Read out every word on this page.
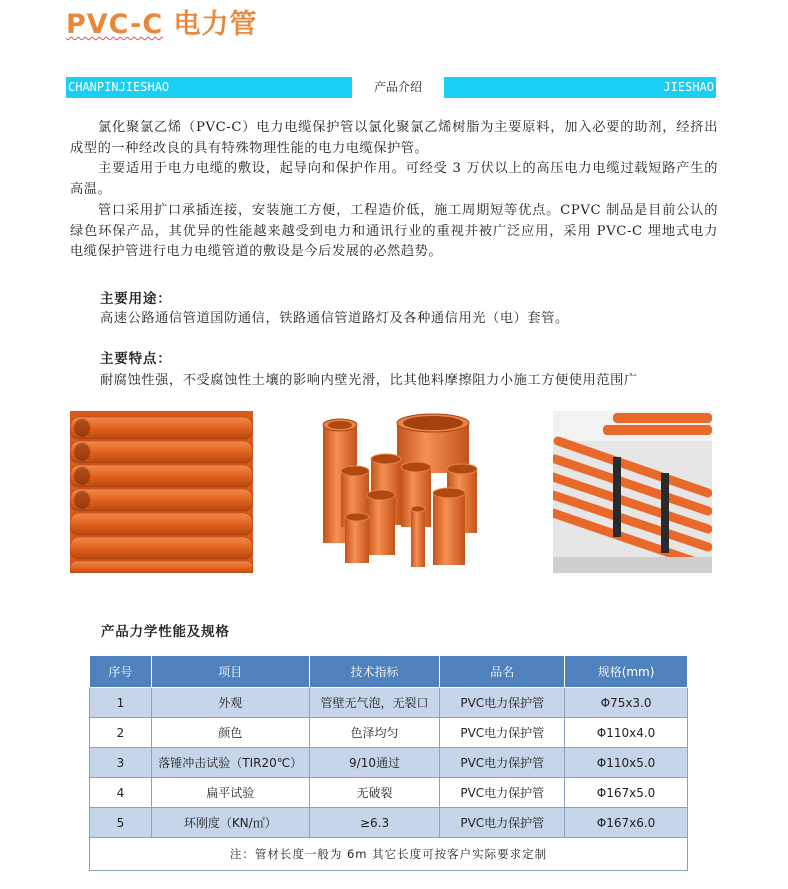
PVC-C 电力管
CHANPINJIESHAO	产品介绍	JIESHAO

氯化聚氯乙烯（PVC-C）电力电缆保护管以氯化聚氯乙烯树脂为主要原料，加入必要的助剂，经挤出成型的一种经改良的具有特殊物理性能的电力电缆保护管。

主要适用于电力电缆的敷设，起导向和保护作用。可经受 3 万伏以上的高压电力电缆过载短路产生的高温。

管口采用扩口承插连接，安装施工方便，工程造价低，施工周期短等优点。CPVC 制品是目前公认的绿色环保产品，其优异的性能越来越受到电力和通讯行业的重视并被广泛应用，采用 PVC-C 埋地式电力电缆保护管进行电力电缆管道的敷设是今后发展的必然趋势。

主要用途：
高速公路通信管道国防通信，铁路通信管道路灯及各种通信用光（电）套管。
主要特点：
耐腐蚀性强，不受腐蚀性土壤的影响内壁光滑，比其他料摩擦阻力小施工方便使用范围广
产品力学性能及规格
序号	项目	技术指标	品名	规格(mm)
1	外观	管壁无气泡，无裂口	PVC电力保护管	Φ75x3.0
2	颜色	色泽均匀	PVC电力保护管	Φ110x4.0
3	落锤冲击试验（TIR20℃）	9/10通过	PVC电力保护管	Φ110x5.0
4	扁平试验	无破裂	PVC电力保护管	Φ167x5.0
5	环刚度（KN/㎡）	≥6.3	PVC电力保护管	Φ167x6.0
注：管材长度一般为 6m 其它长度可按客户实际要求定制				
